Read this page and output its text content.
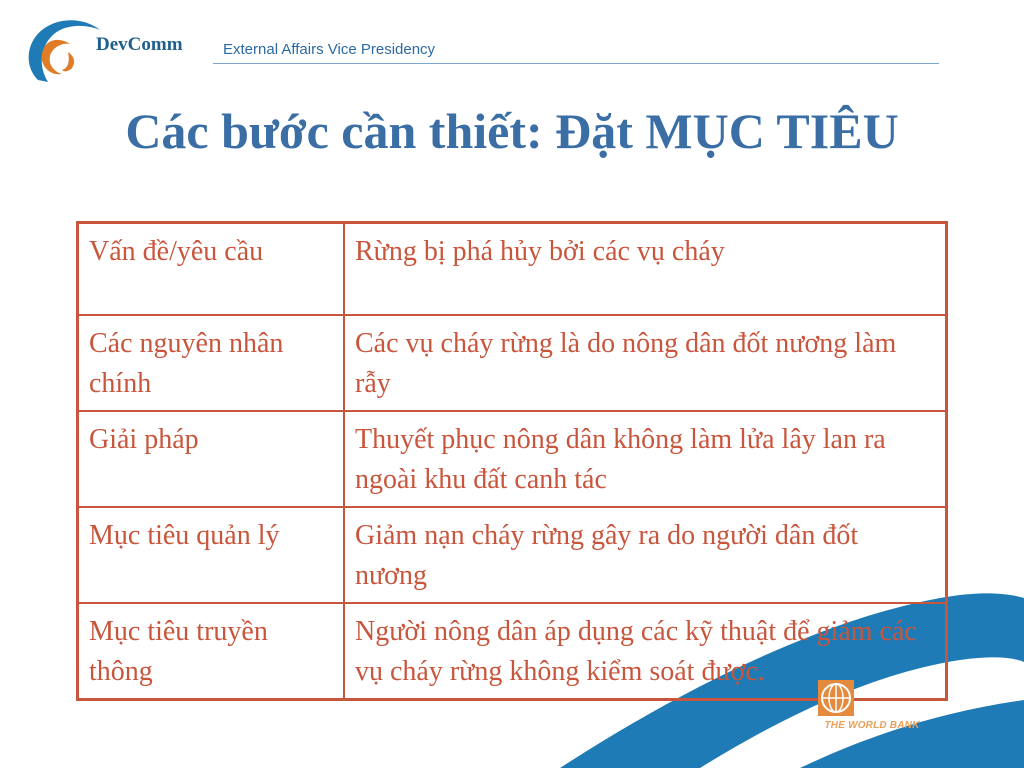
DevComm	External Affairs Vice Presidency
Các bước cần thiết: Đặt MỤC TIÊU
Vấn đề/yêu cầu	Rừng bị phá hủy bởi các vụ cháy
Các nguyên nhân chính	Các vụ cháy rừng là do nông dân đốt nương làm rẫy
Giải pháp	Thuyết phục nông dân không làm lửa lây lan ra ngoài khu đất canh tác
Mục tiêu quản lý	Giảm nạn cháy rừng gây ra do người dân đốt nương
Mục tiêu truyền thông	Người nông dân áp dụng các kỹ thuật để giảm các vụ cháy rừng không kiểm soát được.
THE WORLD BANK
